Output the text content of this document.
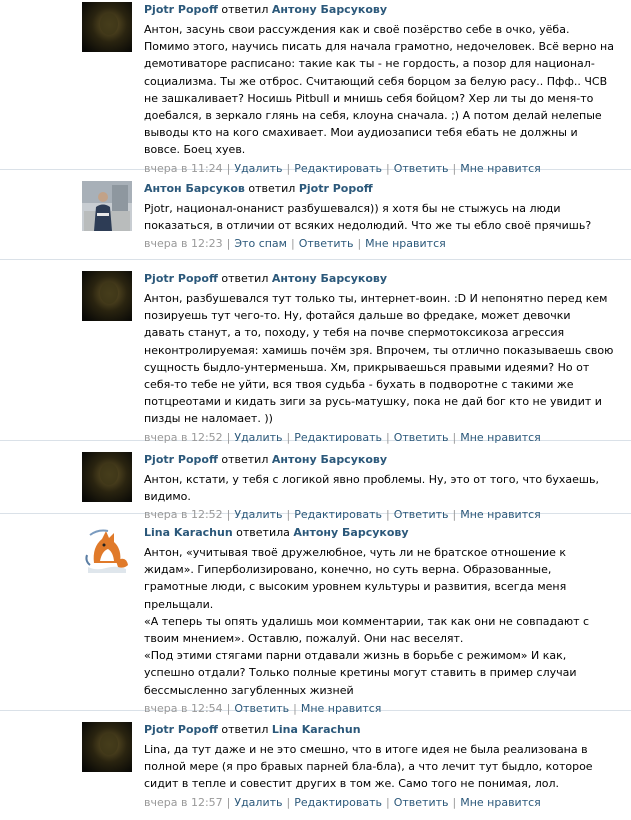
Pjotr Popoff ответил Антону Барсукову

Антон, засунь свои рассуждения как и своё позёрство себе в очко, уёба. Помимо этого, научись писать для начала грамотно, недочеловек. Всё верно на демотиваторе расписано: такие как ты - не гордость, а позор для национал-социализма. Ты же отброс. Считающий себя борцом за белую расу.. Пфф.. ЧСВ не зашкаливает? Носишь Pitbull и мнишь себя бойцом? Хер ли ты до меня-то доебался, в зеркало глянь на себя, клоуна сначала. ;) А потом делай нелепые выводы кто на кого смахивает. Мои аудиозаписи тебя ебать не должны и вовсе. Боец хуев.

вчера в 11:24 | Удалить | Редактировать | Ответить | Мне нравится
Антон Барсуков ответил Pjotr Popoff

Pjotr, национал-онанист разбушевался)) я хотя бы не стыжусь на люди показаться, в отличии от всяких недолюдий. Что же ты ебло своё прячишь?

вчера в 12:23 | Это спам | Ответить | Мне нравится
Pjotr Popoff ответил Антону Барсукову

Антон, разбушевался тут только ты, интернет-воин. :D И непонятно перед кем позируешь тут чего-то. Ну, фотайся дальше во фредаке, может девочки давать станут, а то, походу, у тебя на почве спермотоксикоза агрессия неконтролируемая: хамишь почём зря. Впрочем, ты отлично показываешь свою сущность быдло-унтерменьша. Хм, прикрываешься правыми идеями? Но от себя-то тебе не уйти, вся твоя судьба - бухать в подворотне с такими же потцреотами и кидать зиги за русь-матушку, пока не дай бог кто не увидит и пизды не наломает. ))

вчера в 12:52 | Удалить | Редактировать | Ответить | Мне нравится
Pjotr Popoff ответил Антону Барсукову

Антон, кстати, у тебя с логикой явно проблемы. Ну, это от того, что бухаешь, видимо.

вчера в 12:52 | Удалить | Редактировать | Ответить | Мне нравится
Lina Karachun ответила Антону Барсукову

Антон, «учитывая твоё дружелюбное, чуть ли не братское отношение к жидам». Гиперболизировано, конечно, но суть верна. Образованные, грамотные люди, с высоким уровнем культуры и развития, всегда меня прельщали.

«А теперь ты опять удалишь мои комментарии, так как они не совпадают с твоим мнением». Оставлю, пожалуй. Они нас веселят.

«Под этими стягами парни отдавали жизнь в борьбе с режимом» И как, успешно отдали? Только полные кретины могут ставить в пример случаи бессмысленно загубленных жизней

вчера в 12:54 | Ответить | Мне нравится
Pjotr Popoff ответил Lina Karachun

Lina, да тут даже и не это смешно, что в итоге идея не была реализована в полной мере (я про бравых парней бла-бла), а что лечит тут быдло, которое сидит в тепле и совестит других в том же. Само того не понимая, лол.

вчера в 12:57 | Удалить | Редактировать | Ответить | Мне нравится
